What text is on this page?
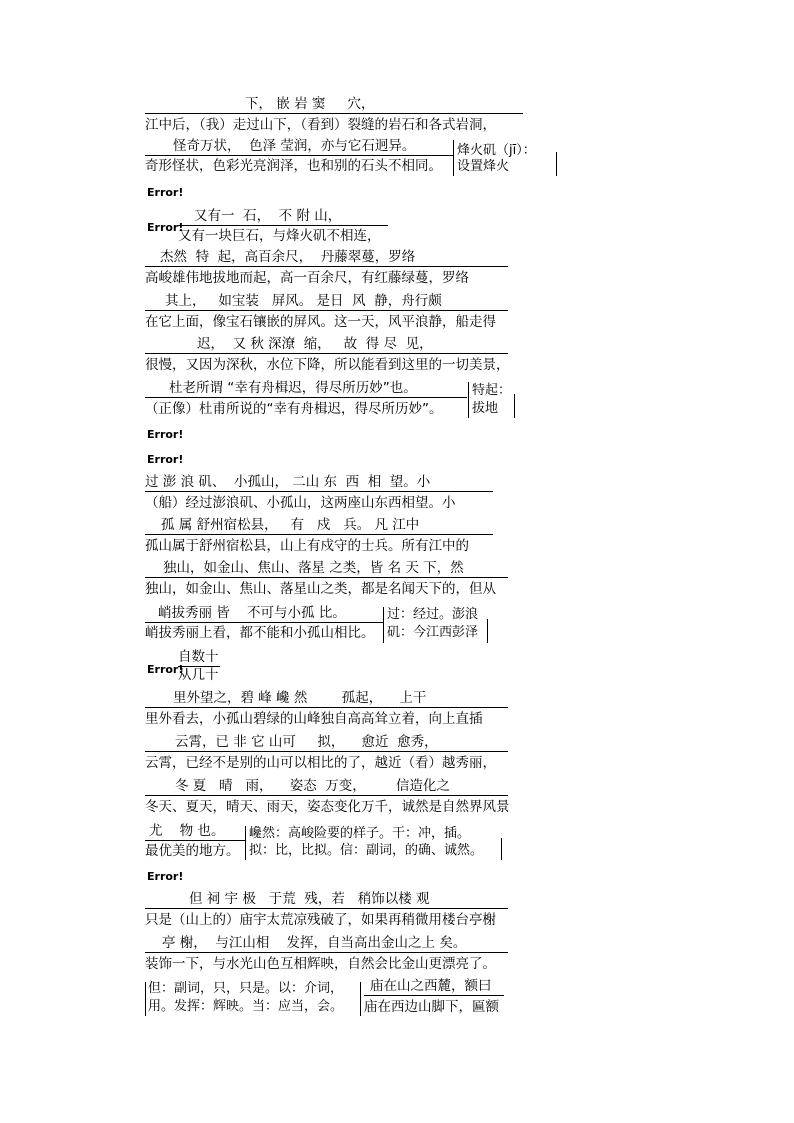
下， 嵌 岩 窦 　 穴，
江中后，（我）走过山下，（看到）裂缝的岩石和各式岩洞，
怪奇万状，  色泽 莹润，亦与它石迥异。
奇形怪状，色彩光亮润泽，也和别的石头不相同。
烽火矶（jī）：
设置烽火
Error!
Error!
又有一  石，  不 附 山，
又有一块巨石，与烽火矶不相连，
杰然  特  起，高百余尺，  丹藤翠蔓，罗络
高峻雄伟地拔地而起，高一百余尺，有红藤绿蔓，罗络
其上，   如宝装   屏风。 是日  风  静，舟行颇
在它上面，像宝石镶嵌的屏风。这一天，风平浪静，船走得
迟，  又 秋 深潦  缩，   故  得 尽  见，
很慢，又因为深秋，水位下降，所以能看到这里的一切美景，
杜老所谓 “幸有舟楫迟，得尽所历妙”也。
（正像）杜甫所说的“幸有舟楫迟，得尽所历妙”。
特起：
拔地
Error!
Error!
过 澎 浪 矶、  小孤山， 二山 东  西  相  望。小
（船）经过澎浪矶、小孤山，这两座山东西相望。小
孤 属 舒州宿松县，   有   戍   兵。 凡 江中
孤山属于舒州宿松县，山上有戍守的士兵。所有江中的
独山，如金山、焦山、落星 之类，皆 名 天 下，然
独山，如金山、焦山、落星山之类，都是名闻天下的，但从
峭拔秀丽 皆    不可与小孤 比。
峭拔秀丽上看，都不能和小孤山相比。
过：经过。澎浪
矶：今江西彭泽
Error!
自数十
从几十
里外望之，碧 峰 巉 然        孤起，    上干
里外看去，小孤山碧绿的山峰独自高高耸立着，向上直插
云霄，已 非 它 山可     拟，    愈近  愈秀，
云霄，已经不是别的山可以相比的了，越近（看）越秀丽，
冬 夏   晴   雨，    姿态  万变，       信造化之
冬天、夏天，晴天、雨天，姿态变化万千，诚然是自然界风景
尤    物 也。
最优美的地方。
巉然：高峻险要的样子。干：冲，插。
拟：比，比拟。信：副词，的确、诚然。
Error!
但 祠 宇 极   于荒  残，若   稍饰以楼 观
只是（山上的）庙宇太荒凉残破了，如果再稍微用楼台亭榭
亭 榭，  与江山相    发挥，自当高出金山之上 矣。
装饰一下，与水光山色互相辉映，自然会比金山更漂亮了。
但：副词，只，只是。以：介词，
用。发挥：辉映。当：应当，会。
庙在山之西麓，额曰
庙在西边山脚下，匾额
